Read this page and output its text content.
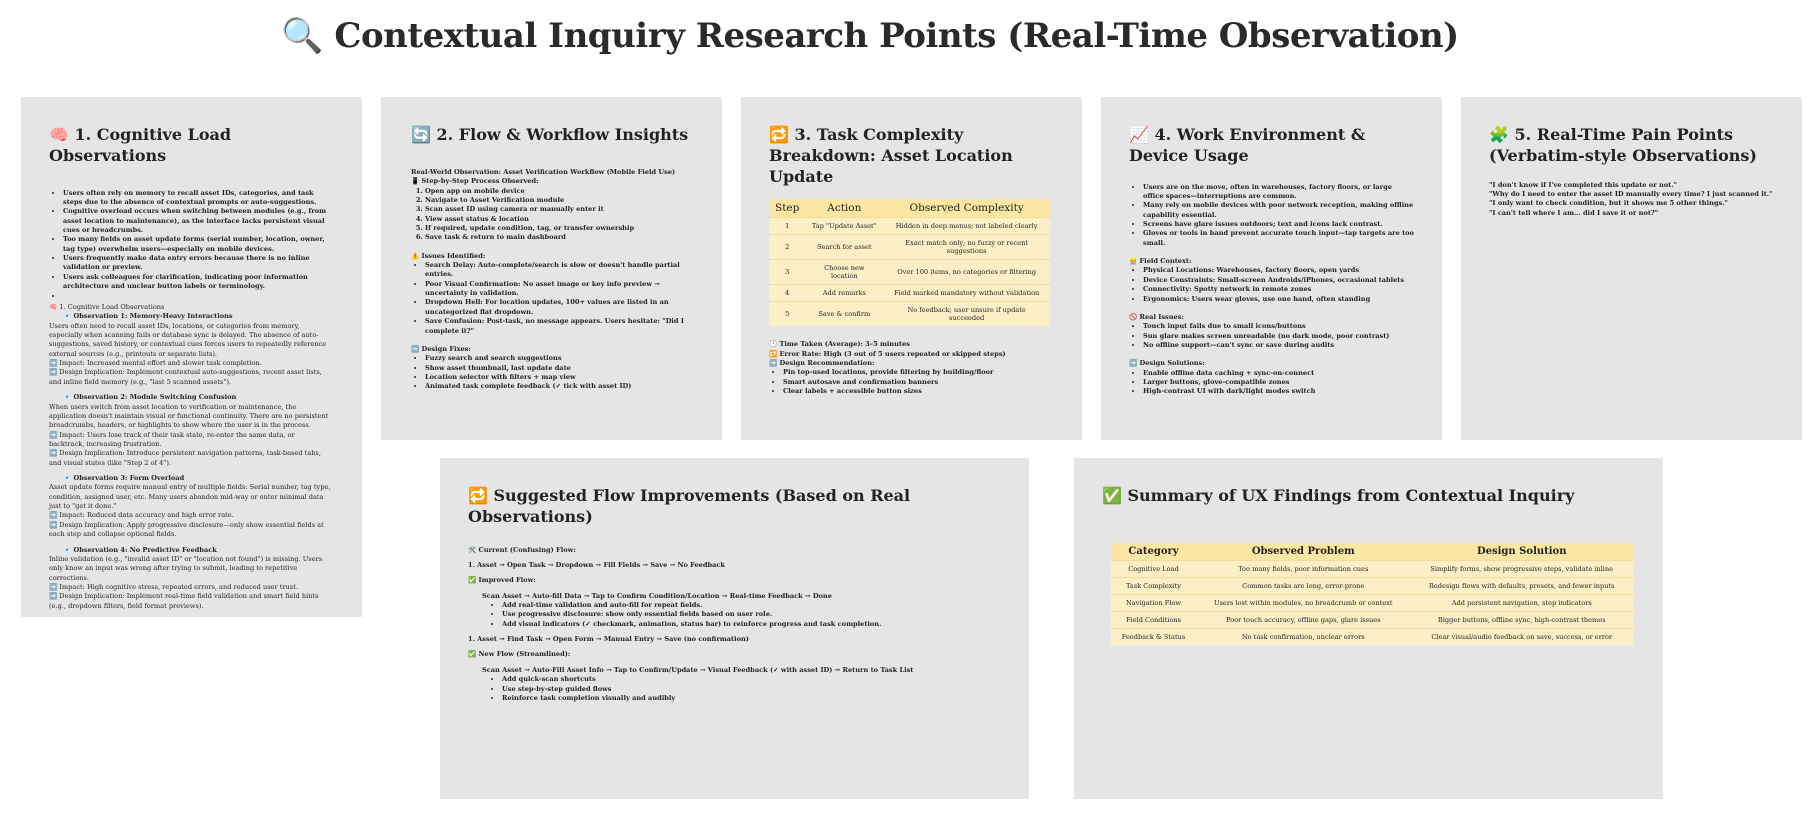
🔍 Contextual Inquiry Research Points (Real-Time Observation)
🧠 1. Cognitive Load Observations
• Users often rely on memory to recall asset IDs, categories, and task steps due to the absence of contextual prompts or auto-suggestions.
• Cognitive overload occurs when switching between modules (e.g., from asset location to maintenance), as the interface lacks persistent visual cues or breadcrumbs.
• Too many fields on asset update forms (serial number, location, owner, tag type) overwhelm users—especially on mobile devices.
• Users frequently make data entry errors because there is no inline validation or preview.
• Users ask colleagues for clarification, indicating poor information architecture and unclear button labels or terminology.
•

🧠 1. Cognitive Load Observations

🔹 Observation 1: Memory-Heavy Interactions

Users often need to recall asset IDs, locations, or categories from memory, especially when scanning fails or database sync is delayed. The absence of auto-suggestions, saved history, or contextual cues forces users to repeatedly reference external sources (e.g., printouts or separate lists).

➡️ Impact: Increased mental effort and slower task completion.

➡️ Design Implication: Implement contextual auto-suggestions, recent asset lists, and inline field memory (e.g., "last 5 scanned assets").

🔹 Observation 2: Module Switching Confusion

When users switch from asset location to verification or maintenance, the application doesn't maintain visual or functional continuity. There are no persistent breadcrumbs, headers, or highlights to show where the user is in the process.

➡️ Impact: Users lose track of their task state, re-enter the same data, or backtrack, increasing frustration.

➡️ Design Implication: Introduce persistent navigation patterns, task-based tabs, and visual states (like "Step 2 of 4").

🔹 Observation 3: Form Overload

Asset update forms require manual entry of multiple fields: Serial number, tag type, condition, assigned user, etc. Many users abandon mid-way or enter minimal data just to "get it done."

➡️ Impact: Reduced data accuracy and high error rate.

➡️ Design Implication: Apply progressive disclosure—only show essential fields at each step and collapse optional fields.

🔹 Observation 4: No Predictive Feedback

Inline validation (e.g., "invalid asset ID" or "location not found") is missing. Users only know an input was wrong after trying to submit, leading to repetitive corrections.

➡️ Impact: High cognitive stress, repeated errors, and reduced user trust.

➡️ Design Implication: Implement real-time field validation and smart field hints (e.g., dropdown filters, field format previews).

🔄 2. Flow & Workflow Insights

Real-World Observation: Asset Verification Workflow (Mobile Field Use)

📱 Step-by-Step Process Observed:

1. Open app on mobile device
2. Navigate to Asset Verification module
3. Scan asset ID using camera or manually enter it
4. View asset status & location
5. If required, update condition, tag, or transfer ownership
6. Save task & return to main dashboard

⚠️ Issues Identified:

• Search Delay: Auto-complete/search is slow or doesn't handle partial entries.
• Poor Visual Confirmation: No asset image or key info preview → uncertainty in validation.
• Dropdown Hell: For location updates, 100+ values are listed in an uncategorized flat dropdown.
• Save Confusion: Post-task, no message appears. Users hesitate: "Did I complete it?"

➡️ Design Fixes:

• Fuzzy search and search suggestions
• Show asset thumbnail, last update date
• Location selector with filters + map view
• Animated task complete feedback (✓ tick with asset ID)
🔁 3. Task Complexity Breakdown: Asset Location Update
Step	Action	Observed Complexity
1	Tap "Update Asset"	Hidden in deep menus; not labeled clearly
2	Search for asset	Exact match only; no fuzzy or recent suggestions
3	Choose new location	Over 100 items, no categories or filtering
4	Add remarks	Field marked mandatory without validation
5	Save & confirm	No feedback; user unsure if update succeeded

🕐 Time Taken (Average): 3–5 minutes

🔁 Error Rate: High (3 out of 5 users repeated or skipped steps)

➡️ Design Recommendation:

• Pin top-used locations, provide filtering by building/floor
• Smart autosave and confirmation banners
• Clear labels + accessible button sizes
📈 4. Work Environment & Device Usage
• Users are on the move, often in warehouses, factory floors, or large office spaces—interruptions are common.
• Many rely on mobile devices with poor network reception, making offline capability essential.
• Screens have glare issues outdoors; text and icons lack contrast.
• Gloves or tools in hand prevent accurate touch input—tap targets are too small.

👷 Field Context:

• Physical Locations: Warehouses, factory floors, open yards
• Device Constraints: Small-screen Androids/iPhones, occasional tablets
• Connectivity: Spotty network in remote zones
• Ergonomics: Users wear gloves, use one hand, often standing

🚫 Real Issues:

• Touch input fails due to small icons/buttons
• Sun glare makes screen unreadable (no dark mode, poor contrast)
• No offline support—can't sync or save during audits

➡️ Design Solutions:

• Enable offline data caching + sync-on-connect
• Larger buttons, glove-compatible zones
• High-contrast UI with dark/light modes switch
🧩 5. Real-Time Pain Points (Verbatim-style Observations)

"I don't know if I've completed this update or not."

"Why do I need to enter the asset ID manually every time? I just scanned it."

"I only want to check condition, but it shows me 5 other things."

"I can't tell where I am… did I save it or not?"

🔁 Suggested Flow Improvements (Based on Real Observations)

🛠️ Current (Confusing) Flow:

1. Asset → Open Task → Dropdown → Fill Fields → Save → No Feedback

✅ Improved Flow:

Scan Asset → Auto-fill Data → Tap to Confirm Condition/Location → Real-time Feedback → Done

• Add real-time validation and auto-fill for repeat fields.
• Use progressive disclosure: show only essential fields based on user role.
• Add visual indicators (✓ checkmark, animation, status bar) to reinforce progress and task completion.

1. Asset → Find Task → Open Form → Manual Entry → Save (no confirmation)

✅ New Flow (Streamlined):

Scan Asset → Auto-Fill Asset Info → Tap to Confirm/Update → Visual Feedback (✓ with asset ID) → Return to Task List

• Add quick-scan shortcuts
• Use step-by-step guided flows
• Reinforce task completion visually and audibly
✅ Summary of UX Findings from Contextual Inquiry
Category	Observed Problem	Design Solution
Cognitive Load	Too many fields, poor information cues	Simplify forms, show progressive steps, validate inline
Task Complexity	Common tasks are long, error-prone	Redesign flows with defaults, presets, and fewer inputs
Navigation Flow	Users lost within modules, no breadcrumb or context	Add persistent navigation, step indicators
Field Conditions	Poor touch accuracy, offline gaps, glare issues	Bigger buttons, offline sync, high-contrast themes
Feedback & Status	No task confirmation, unclear errors	Clear visual/audio feedback on save, success, or error
